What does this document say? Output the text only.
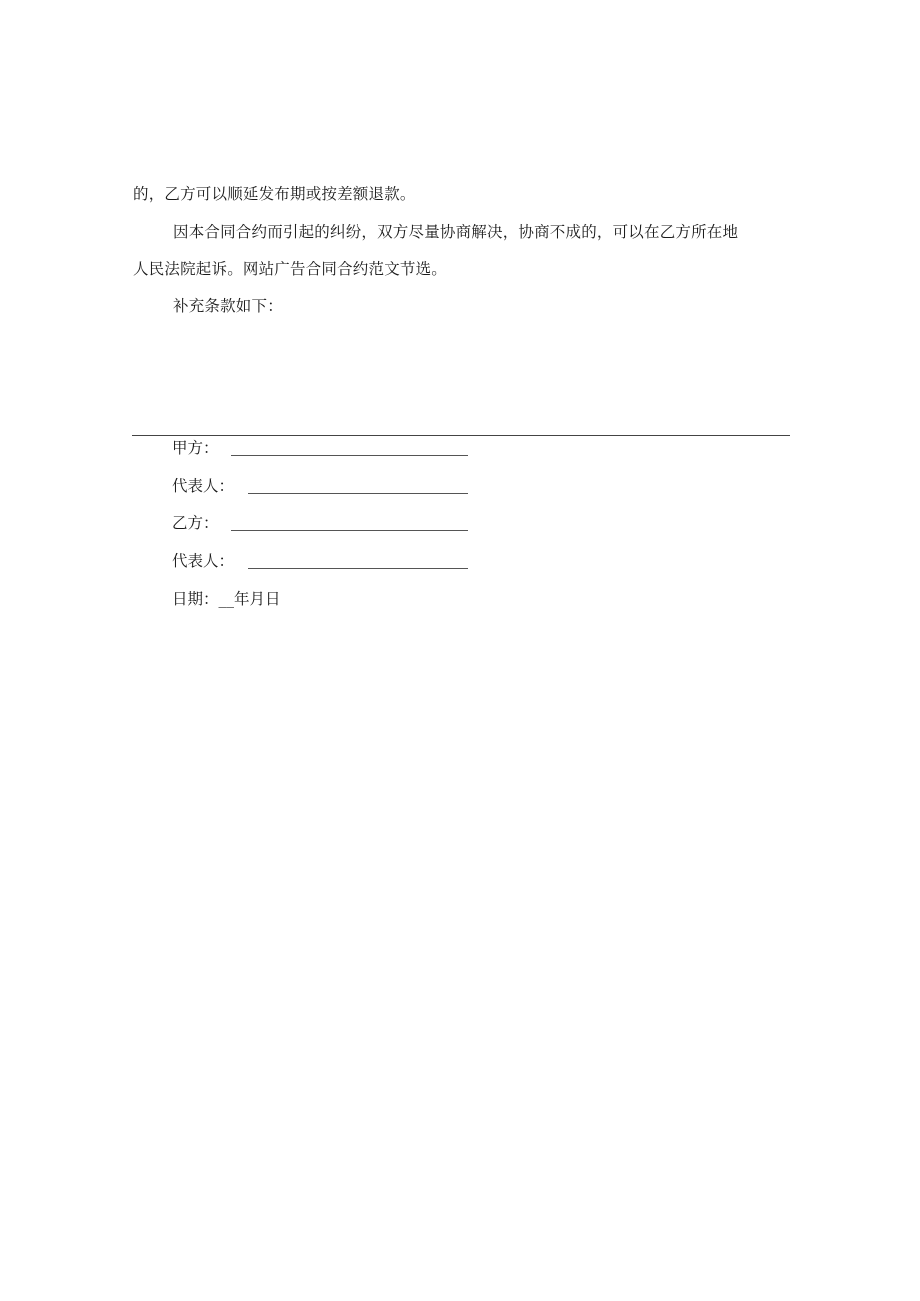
的，乙方可以顺延发布期或按差额退款。
因本合同合约而引起的纠纷，双方尽量协商解决，协商不成的，可以在乙方所在地
人民法院起诉。网站广告合同合约范文节选。
补充条款如下：
甲方：
代表人：
乙方：
代表人：
日期：__年月日
